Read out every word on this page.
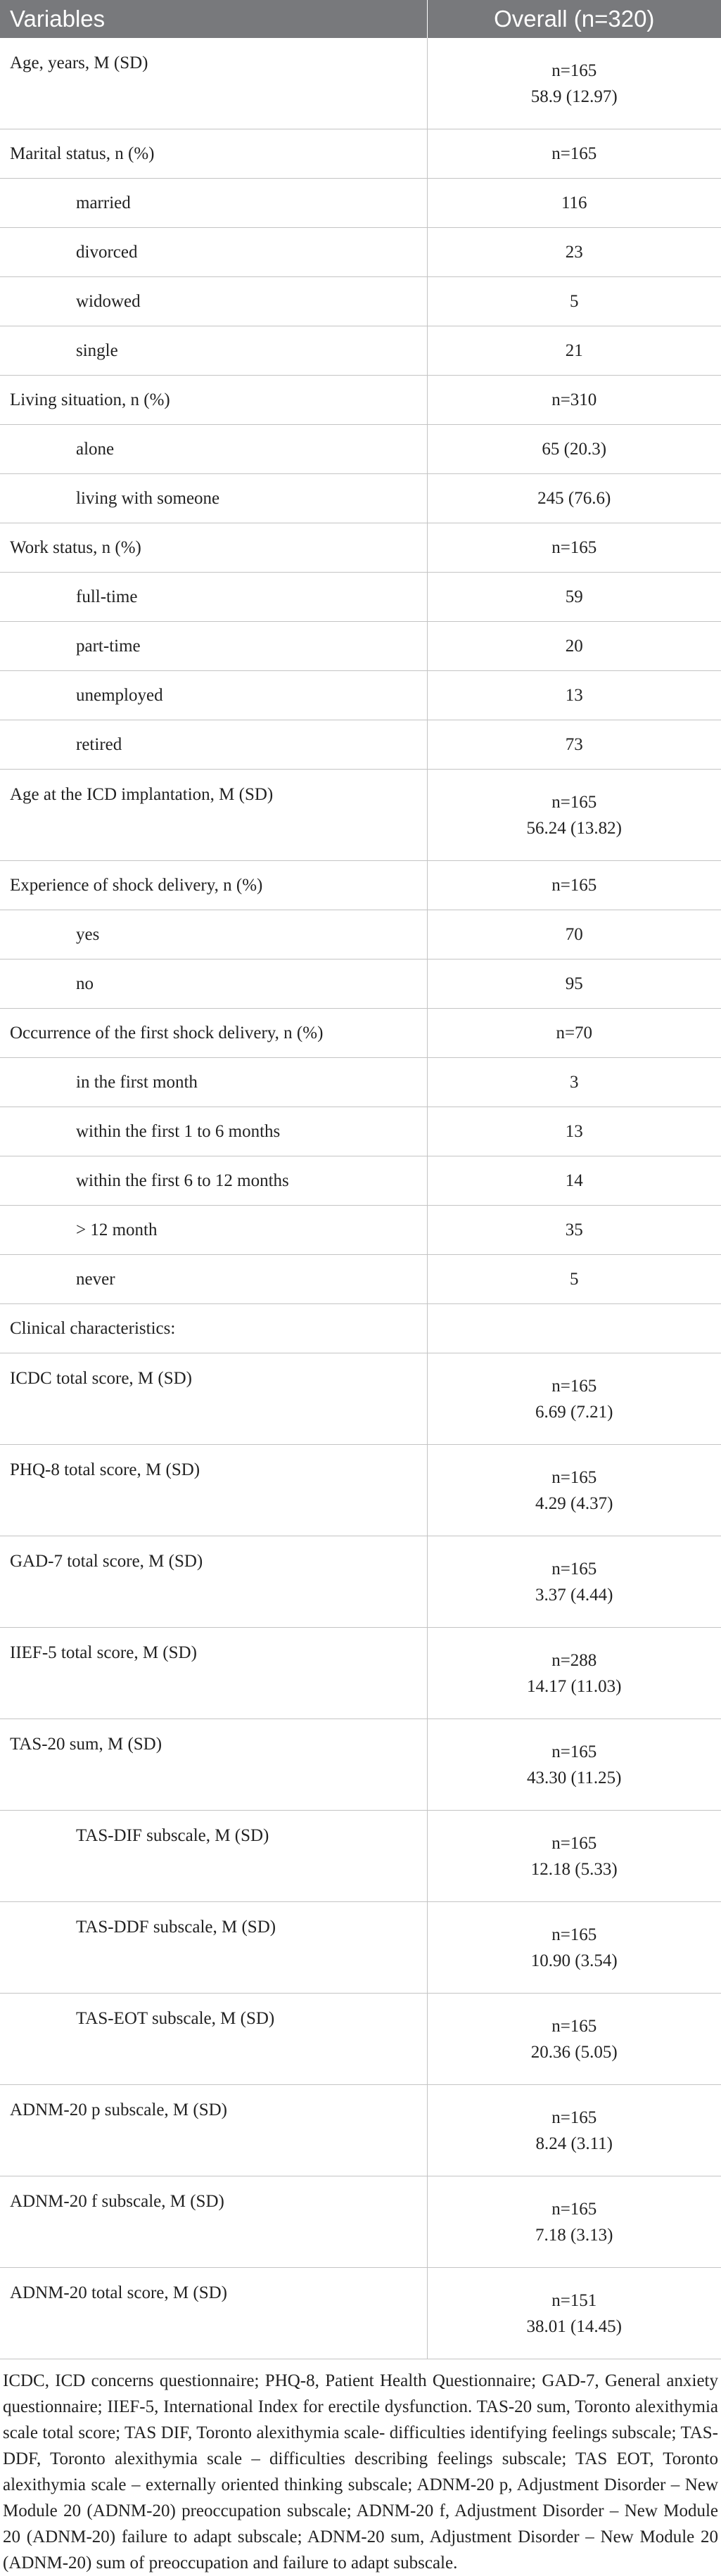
Variables	Overall (n=320)
Age, years, M (SD)	n=165
58.9 (12.97)

Marital status, n (%)	n=165

married	116

divorced	23

widowed	5

single	21

Living situation, n (%)	n=310

alone	65 (20.3)

living with someone	245 (76.6)

Work status, n (%)	n=165

full-time	59

part-time	20

unemployed	13

retired	73

Age at the ICD implantation, M (SD)	n=165
56.24 (13.82)

Experience of shock delivery, n (%)	n=165

yes	70

no	95

Occurrence of the first shock delivery, n (%)	n=70

in the first month	3

within the first 1 to 6 months	13

within the first 6 to 12 months	14

> 12 month	35

never	5

Clinical characteristics:	

ICDC total score, M (SD)	n=165
6.69 (7.21)

PHQ-8 total score, M (SD)	n=165
4.29 (4.37)

GAD-7 total score, M (SD)	n=165
3.37 (4.44)

IIEF-5 total score, M (SD)	n=288
14.17 (11.03)

TAS-20 sum, M (SD)	n=165
43.30 (11.25)

TAS-DIF subscale, M (SD)	n=165
12.18 (5.33)

TAS-DDF subscale, M (SD)	n=165
10.90 (3.54)

TAS-EOT subscale, M (SD)	n=165
20.36 (5.05)

ADNM-20 p subscale, M (SD)	n=165
8.24 (3.11)

ADNM-20 f subscale, M (SD)	n=165
7.18 (3.13)

ADNM-20 total score, M (SD)	n=151
38.01 (14.45)
ICDC, ICD concerns questionnaire; PHQ-8, Patient Health Questionnaire; GAD-7, General anxiety questionnaire; IIEF-5, International Index for erectile dysfunction. TAS-20 sum, Toronto alexithymia scale total score; TAS DIF, Toronto alexithymia scale- difficulties identifying feelings subscale; TAS-DDF, Toronto alexithymia scale – difficulties describing feelings subscale; TAS EOT, Toronto alexithymia scale – externally oriented thinking subscale; ADNM-20 p, Adjustment Disorder – New Module 20 (ADNM-20) preoccupation subscale; ADNM-20 f, Adjustment Disorder – New Module 20 (ADNM-20) failure to adapt subscale; ADNM-20 sum, Adjustment Disorder – New Module 20 (ADNM-20) sum of preoccupation and failure to adapt subscale.
